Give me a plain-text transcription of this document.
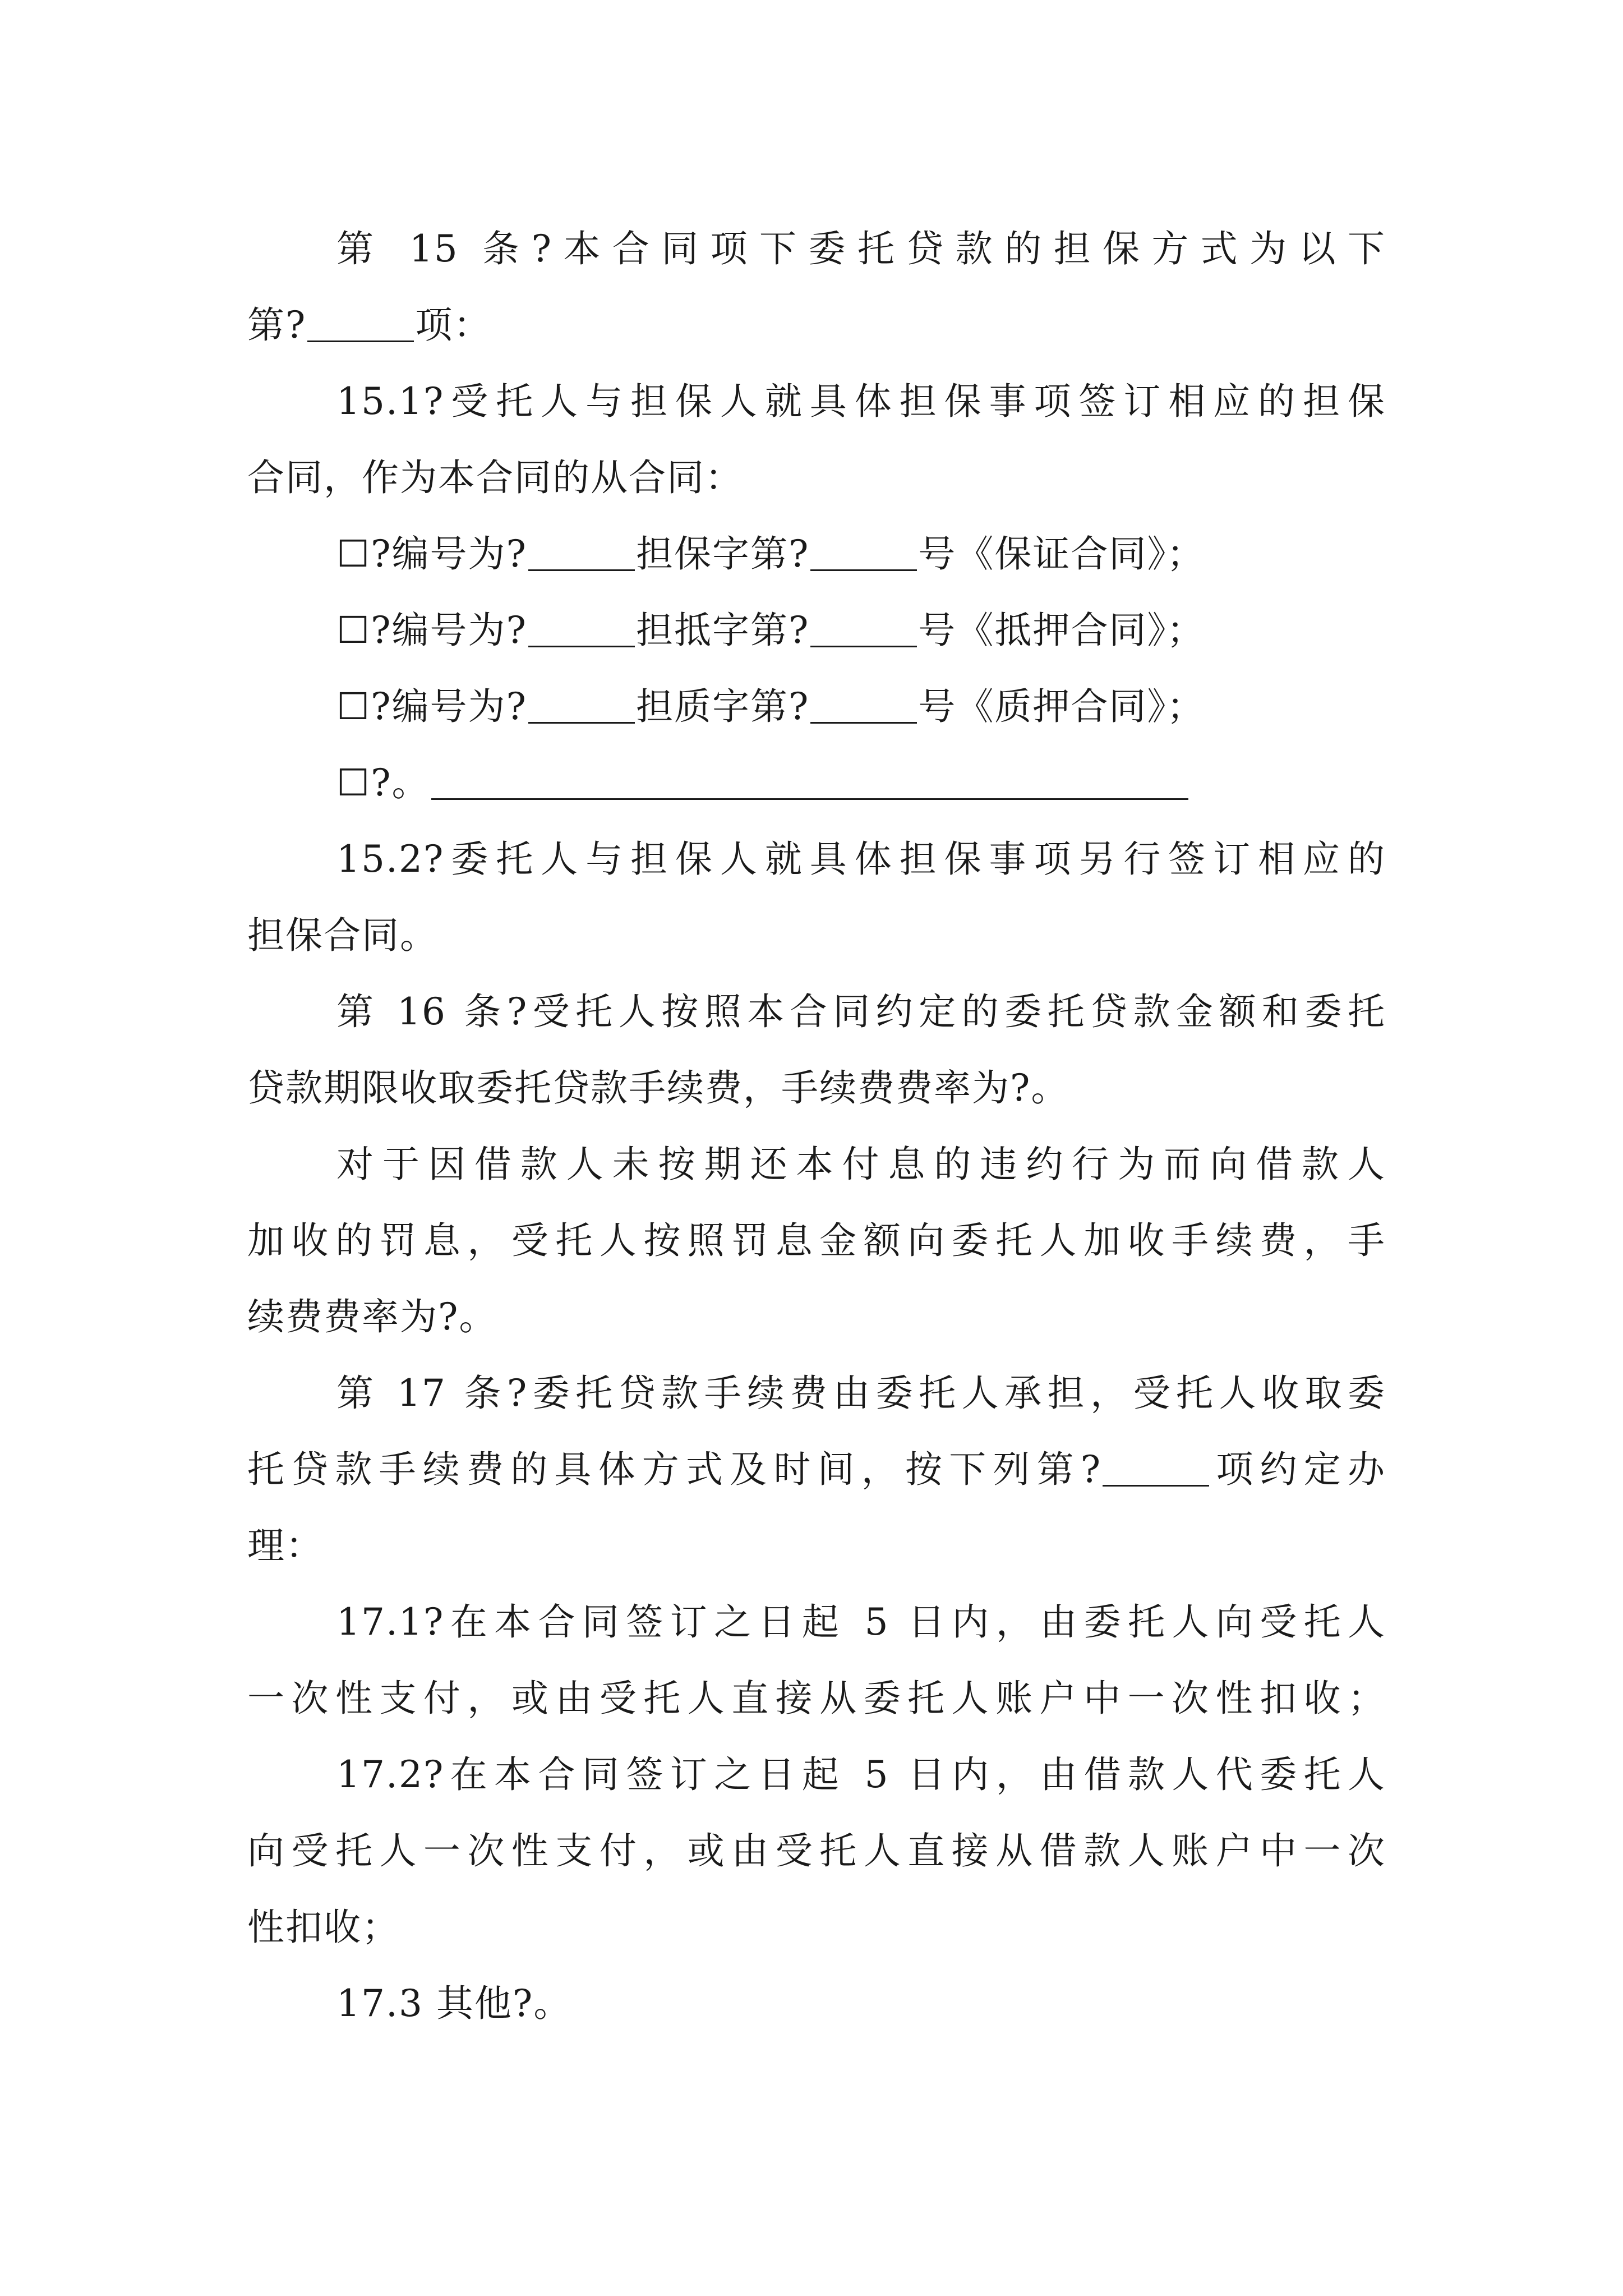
第 15 条?本合同项下委托贷款的担保方式为以下
第?	项：
15.1?受托人与担保人就具体担保事项签订相应的担保
合同，作为本合同的从合同：
☐?编号为?	担保字第?	号《保证合同》；
☐?编号为?	担抵字第?	号《抵押合同》；
☐?编号为?	担质字第?	号《质押合同》；
☐?。
15.2?委托人与担保人就具体担保事项另行签订相应的
担保合同。
第 16 条?受托人按照本合同约定的委托贷款金额和委托
贷款期限收取委托贷款手续费，手续费费率为?。
对于因借款人未按期还本付息的违约行为而向借款人
加收的罚息，受托人按照罚息金额向委托人加收手续费，手
续费费率为?。
第 17 条?委托贷款手续费由委托人承担，受托人收取委
托贷款手续费的具体方式及时间，按下列第?	项约定办
理：
17.1?在本合同签订之日起 5 日内，由委托人向受托人
一次性支付，或由受托人直接从委托人账户中一次性扣收；
17.2?在本合同签订之日起 5 日内，由借款人代委托人
向受托人一次性支付，或由受托人直接从借款人账户中一次
性扣收；
17.3 其他?。
